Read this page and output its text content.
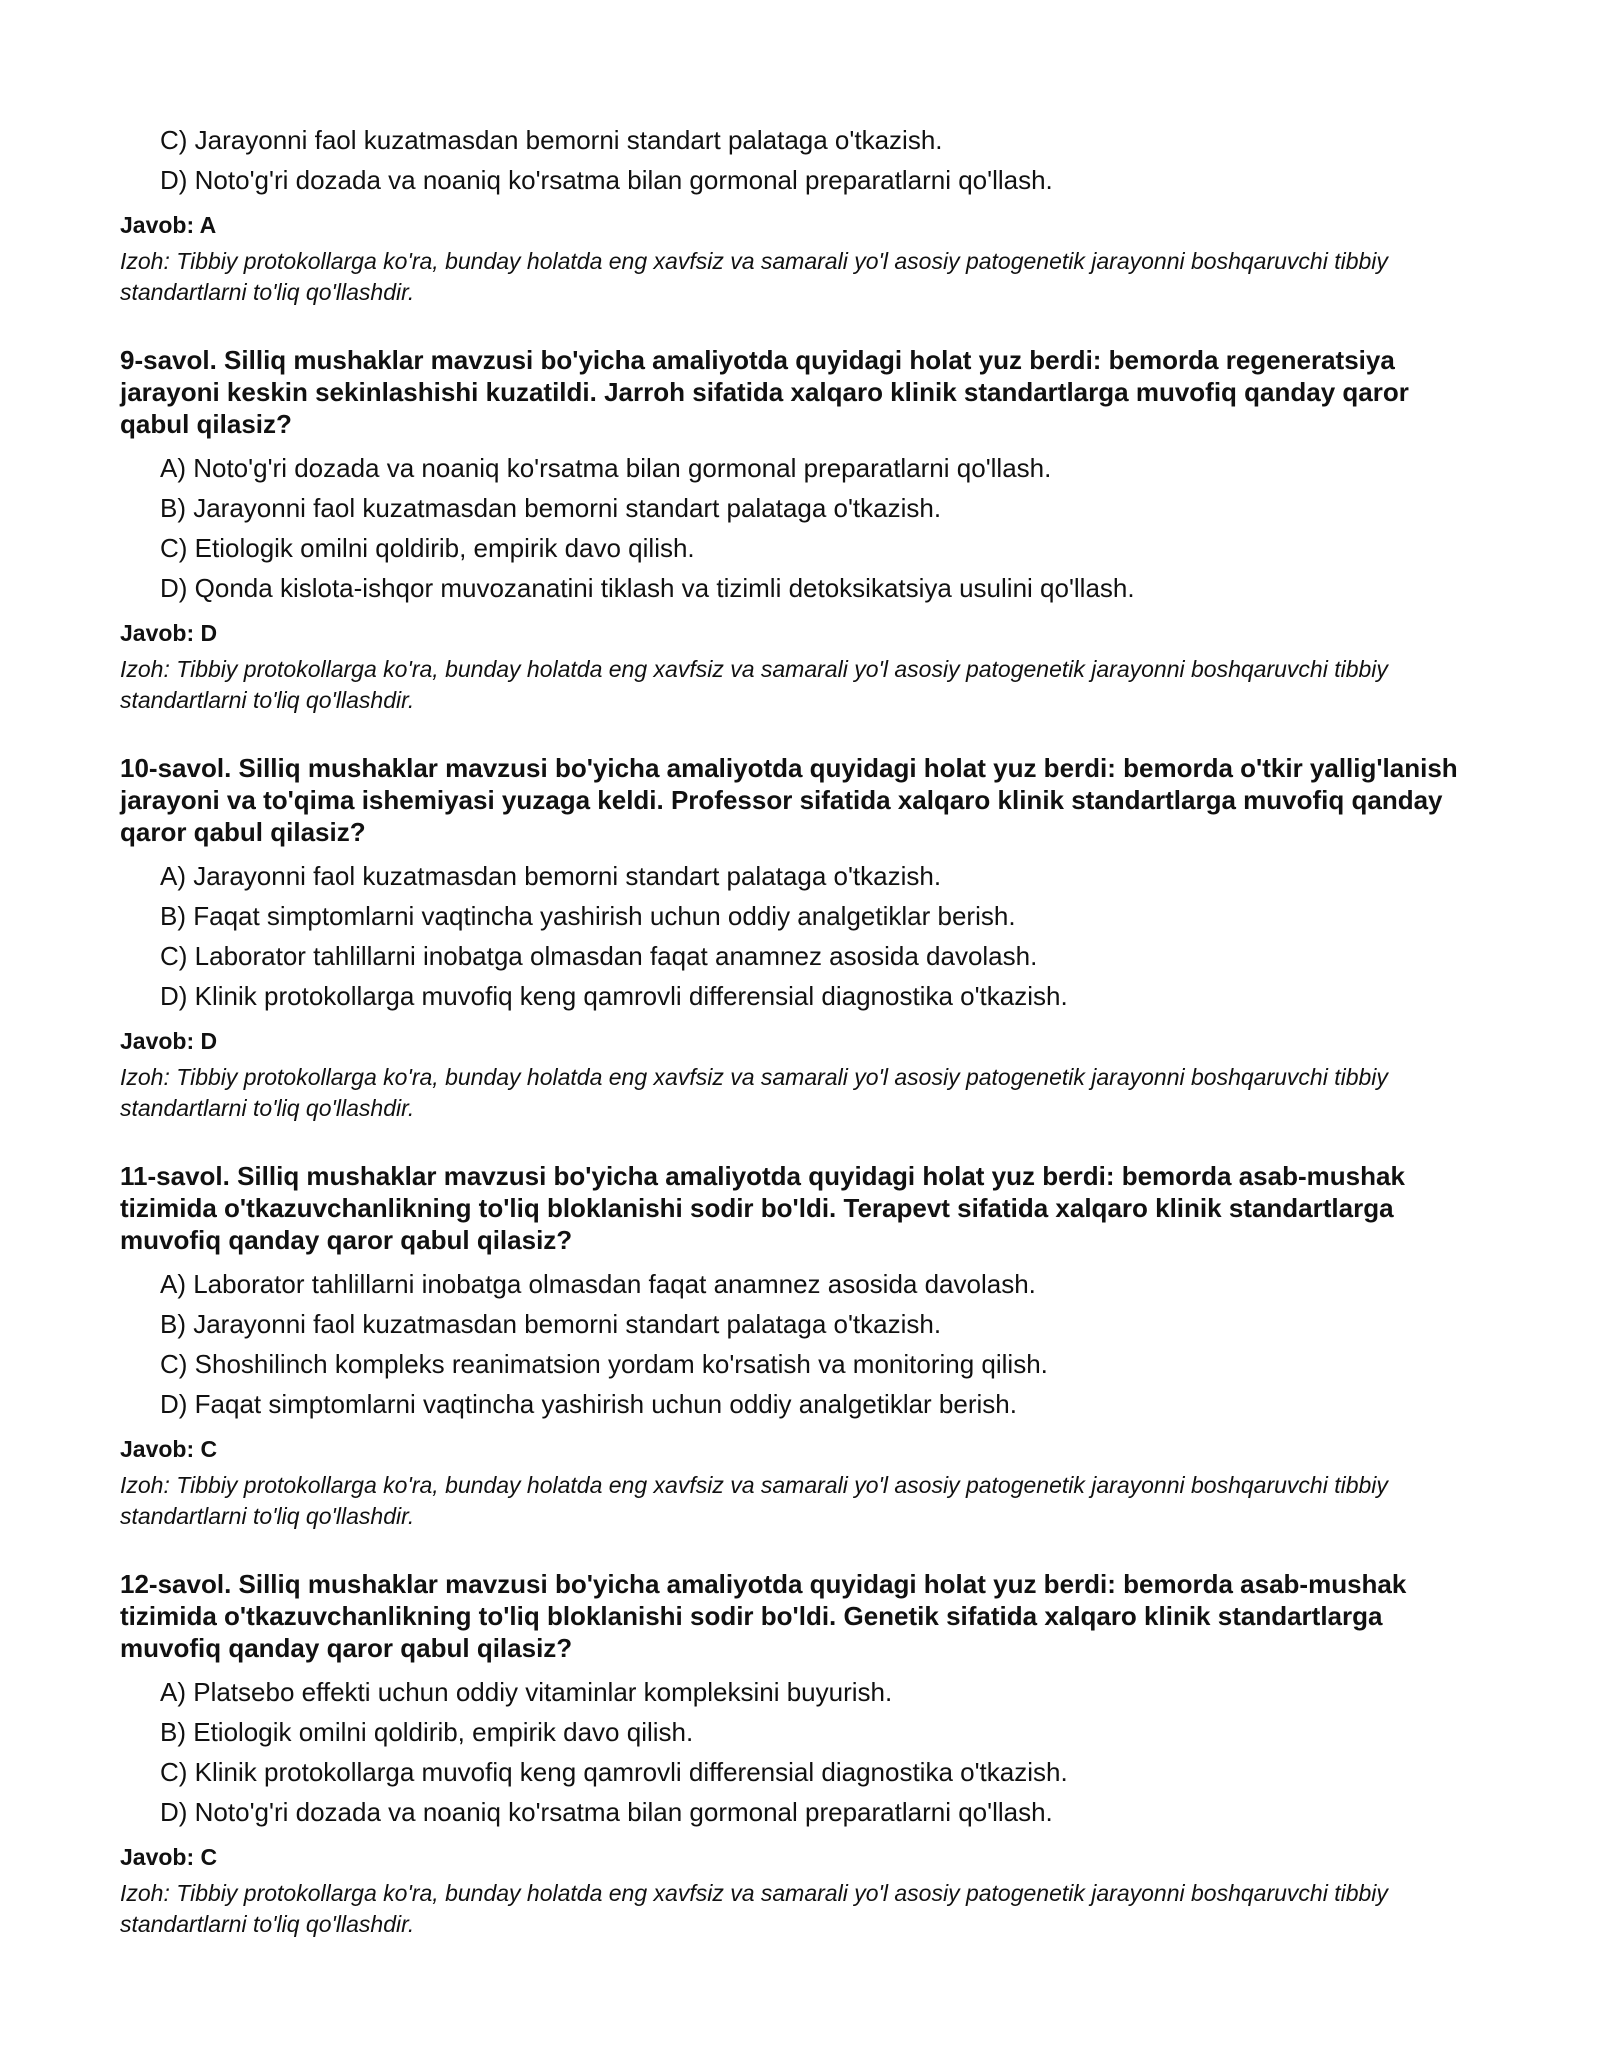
C) Jarayonni faol kuzatmasdan bemorni standart palataga o'tkazish.

D) Noto'g'ri dozada va noaniq ko'rsatma bilan gormonal preparatlarni qo'llash.

Javob: A

Izoh: Tibbiy protokollarga ko'ra, bunday holatda eng xavfsiz va samarali yo'l asosiy patogenetik jarayonni boshqaruvchi tibbiy standartlarni to'liq qo'llashdir.

9-savol. Silliq mushaklar mavzusi bo'yicha amaliyotda quyidagi holat yuz berdi: bemorda regeneratsiya jarayoni keskin sekinlashishi kuzatildi. Jarroh sifatida xalqaro klinik standartlarga muvofiq qanday qaror qabul qilasiz?

A) Noto'g'ri dozada va noaniq ko'rsatma bilan gormonal preparatlarni qo'llash.

B) Jarayonni faol kuzatmasdan bemorni standart palataga o'tkazish.

C) Etiologik omilni qoldirib, empirik davo qilish.

D) Qonda kislota-ishqor muvozanatini tiklash va tizimli detoksikatsiya usulini qo'llash.

Javob: D

Izoh: Tibbiy protokollarga ko'ra, bunday holatda eng xavfsiz va samarali yo'l asosiy patogenetik jarayonni boshqaruvchi tibbiy standartlarni to'liq qo'llashdir.

10-savol. Silliq mushaklar mavzusi bo'yicha amaliyotda quyidagi holat yuz berdi: bemorda o'tkir yallig'lanish jarayoni va to'qima ishemiyasi yuzaga keldi. Professor sifatida xalqaro klinik standartlarga muvofiq qanday qaror qabul qilasiz?

A) Jarayonni faol kuzatmasdan bemorni standart palataga o'tkazish.

B) Faqat simptomlarni vaqtincha yashirish uchun oddiy analgetiklar berish.

C) Laborator tahlillarni inobatga olmasdan faqat anamnez asosida davolash.

D) Klinik protokollarga muvofiq keng qamrovli differensial diagnostika o'tkazish.

Javob: D

Izoh: Tibbiy protokollarga ko'ra, bunday holatda eng xavfsiz va samarali yo'l asosiy patogenetik jarayonni boshqaruvchi tibbiy standartlarni to'liq qo'llashdir.

11-savol. Silliq mushaklar mavzusi bo'yicha amaliyotda quyidagi holat yuz berdi: bemorda asab-mushak tizimida o'tkazuvchanlikning to'liq bloklanishi sodir bo'ldi. Terapevt sifatida xalqaro klinik standartlarga muvofiq qanday qaror qabul qilasiz?

A) Laborator tahlillarni inobatga olmasdan faqat anamnez asosida davolash.

B) Jarayonni faol kuzatmasdan bemorni standart palataga o'tkazish.

C) Shoshilinch kompleks reanimatsion yordam ko'rsatish va monitoring qilish.

D) Faqat simptomlarni vaqtincha yashirish uchun oddiy analgetiklar berish.

Javob: C

Izoh: Tibbiy protokollarga ko'ra, bunday holatda eng xavfsiz va samarali yo'l asosiy patogenetik jarayonni boshqaruvchi tibbiy standartlarni to'liq qo'llashdir.

12-savol. Silliq mushaklar mavzusi bo'yicha amaliyotda quyidagi holat yuz berdi: bemorda asab-mushak tizimida o'tkazuvchanlikning to'liq bloklanishi sodir bo'ldi. Genetik sifatida xalqaro klinik standartlarga muvofiq qanday qaror qabul qilasiz?

A) Platsebo effekti uchun oddiy vitaminlar kompleksini buyurish.

B) Etiologik omilni qoldirib, empirik davo qilish.

C) Klinik protokollarga muvofiq keng qamrovli differensial diagnostika o'tkazish.

D) Noto'g'ri dozada va noaniq ko'rsatma bilan gormonal preparatlarni qo'llash.

Javob: C

Izoh: Tibbiy protokollarga ko'ra, bunday holatda eng xavfsiz va samarali yo'l asosiy patogenetik jarayonni boshqaruvchi tibbiy standartlarni to'liq qo'llashdir.
